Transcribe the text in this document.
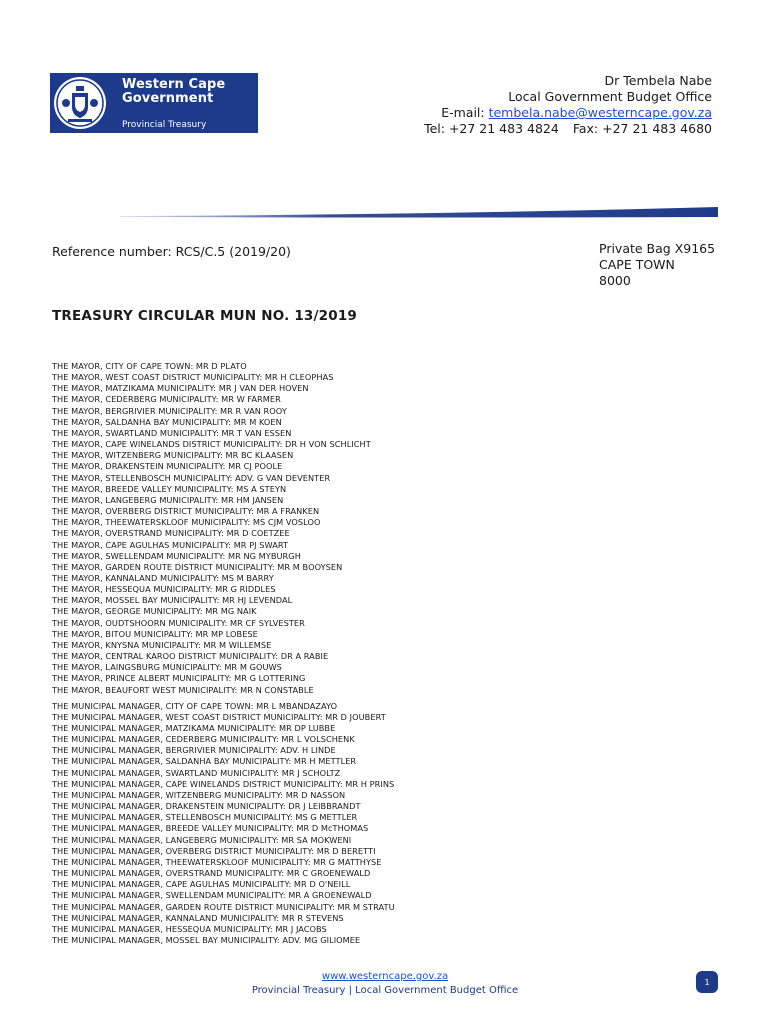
Western Cape
Government
Provincial Treasury
Dr Tembela Nabe
Local Government Budget Office
E-mail: tembela.nabe@westerncape.gov.za
Tel: +27 21 483 4824 Fax: +27 21 483 4680
Reference number: RCS/C.5 (2019/20)	Private Bag X9165
CAPE TOWN
8000
TREASURY CIRCULAR MUN NO. 13/2019
THE MAYOR, CITY OF CAPE TOWN: MR D PLATO
THE MAYOR, WEST COAST DISTRICT MUNICIPALITY: MR H CLEOPHAS
THE MAYOR, MATZIKAMA MUNICIPALITY: MR J VAN DER HOVEN
THE MAYOR, CEDERBERG MUNICIPALITY: MR W FARMER
THE MAYOR, BERGRIVIER MUNICIPALITY: MR R VAN ROOY
THE MAYOR, SALDANHA BAY MUNICIPALITY: MR M KOEN
THE MAYOR, SWARTLAND MUNICIPALITY: MR T VAN ESSEN
THE MAYOR, CAPE WINELANDS DISTRICT MUNICIPALITY: DR H VON SCHLICHT
THE MAYOR, WITZENBERG MUNICIPALITY: MR BC KLAASEN
THE MAYOR, DRAKENSTEIN MUNICIPALITY: MR CJ POOLE
THE MAYOR, STELLENBOSCH MUNICIPALITY: ADV. G VAN DEVENTER
THE MAYOR, BREEDE VALLEY MUNICIPALITY: MS A STEYN
THE MAYOR, LANGEBERG MUNICIPALITY: MR HM JANSEN
THE MAYOR, OVERBERG DISTRICT MUNICIPALITY: MR A FRANKEN
THE MAYOR, THEEWATERSKLOOF MUNICIPALITY: MS CJM VOSLOO
THE MAYOR, OVERSTRAND MUNICIPALITY: MR D COETZEE
THE MAYOR, CAPE AGULHAS MUNICIPALITY: MR PJ SWART
THE MAYOR, SWELLENDAM MUNICIPALITY: MR NG MYBURGH
THE MAYOR, GARDEN ROUTE DISTRICT MUNICIPALITY: MR M BOOYSEN
THE MAYOR, KANNALAND MUNICIPALITY: MS M BARRY
THE MAYOR, HESSEQUA MUNICIPALITY: MR G RIDDLES
THE MAYOR, MOSSEL BAY MUNICIPALITY: MR HJ LEVENDAL
THE MAYOR, GEORGE MUNICIPALITY: MR MG NAIK
THE MAYOR, OUDTSHOORN MUNICIPALITY: MR CF SYLVESTER
THE MAYOR, BITOU MUNICIPALITY: MR MP LOBESE
THE MAYOR, KNYSNA MUNICIPALITY: MR M WILLEMSE
THE MAYOR, CENTRAL KAROO DISTRICT MUNICIPALITY: DR A RABIE
THE MAYOR, LAINGSBURG MUNICIPALITY: MR M GOUWS
THE MAYOR, PRINCE ALBERT MUNICIPALITY: MR G LOTTERING
THE MAYOR, BEAUFORT WEST MUNICIPALITY: MR N CONSTABLE
THE MUNICIPAL MANAGER, CITY OF CAPE TOWN: MR L MBANDAZAYO
THE MUNICIPAL MANAGER, WEST COAST DISTRICT MUNICIPALITY: MR D JOUBERT
THE MUNICIPAL MANAGER, MATZIKAMA MUNICIPALITY: MR DP LUBBE
THE MUNICIPAL MANAGER, CEDERBERG MUNICIPALITY: MR L VOLSCHENK
THE MUNICIPAL MANAGER, BERGRIVIER MUNICIPALITY: ADV. H LINDE
THE MUNICIPAL MANAGER, SALDANHA BAY MUNICIPALITY: MR H METTLER
THE MUNICIPAL MANAGER, SWARTLAND MUNICIPALITY: MR J SCHOLTZ
THE MUNICIPAL MANAGER, CAPE WINELANDS DISTRICT MUNICIPALITY: MR H PRINS
THE MUNICIPAL MANAGER, WITZENBERG MUNICIPALITY: MR D NASSON
THE MUNICIPAL MANAGER, DRAKENSTEIN MUNICIPALITY: DR J LEIBBRANDT
THE MUNICIPAL MANAGER, STELLENBOSCH MUNICIPALITY: MS G METTLER
THE MUNICIPAL MANAGER, BREEDE VALLEY MUNICIPALITY: MR D McTHOMAS
THE MUNICIPAL MANAGER, LANGEBERG MUNICIPALITY: MR SA MOKWENI
THE MUNICIPAL MANAGER, OVERBERG DISTRICT MUNICIPALITY: MR D BERETTI
THE MUNICIPAL MANAGER, THEEWATERSKLOOF MUNICIPALITY: MR G MATTHYSE
THE MUNICIPAL MANAGER, OVERSTRAND MUNICIPALITY: MR C GROENEWALD
THE MUNICIPAL MANAGER, CAPE AGULHAS MUNICIPALITY: MR D O'NEILL
THE MUNICIPAL MANAGER, SWELLENDAM MUNICIPALITY: MR A GROENEWALD
THE MUNICIPAL MANAGER, GARDEN ROUTE DISTRICT MUNICIPALITY: MR M STRATU
THE MUNICIPAL MANAGER, KANNALAND MUNICIPALITY: MR R STEVENS
THE MUNICIPAL MANAGER, HESSEQUA MUNICIPALITY: MR J JACOBS
THE MUNICIPAL MANAGER, MOSSEL BAY MUNICIPALITY: ADV. MG GILIOMEE
www.westerncape.gov.za
Provincial Treasury | Local Government Budget Office
1
